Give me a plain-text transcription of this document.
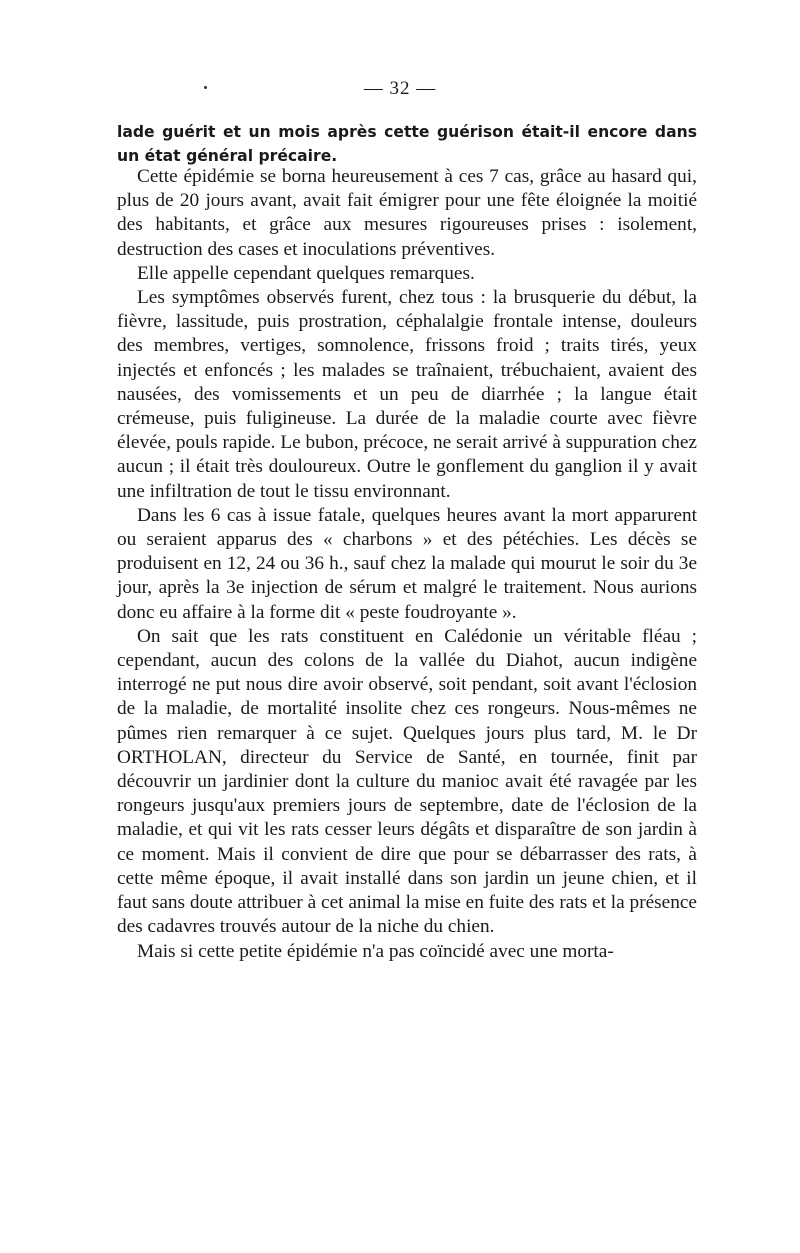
— 32 —

lade guérit et un mois après cette guérison était-il encore dans un état général précaire.

Cette épidémie se borna heureusement à ces 7 cas, grâce au hasard qui, plus de 20 jours avant, avait fait émigrer pour une fête éloignée la moitié des habitants, et grâce aux mesures rigoureuses prises : isolement, destruction des cases et inoculations préventives.

Elle appelle cependant quelques remarques.

Les symptômes observés furent, chez tous : la brusquerie du début, la fièvre, lassitude, puis prostration, céphalalgie frontale intense, douleurs des membres, vertiges, somnolence, frissons froid ; traits tirés, yeux injectés et enfoncés ; les malades se traînaient, trébuchaient, avaient des nausées, des vomissements et un peu de diarrhée ; la langue était crémeuse, puis fuligineuse. La durée de la maladie courte avec fièvre élevée, pouls rapide. Le bubon, précoce, ne serait arrivé à suppuration chez aucun ; il était très douloureux. Outre le gonflement du ganglion il y avait une infiltration de tout le tissu environnant.

Dans les 6 cas à issue fatale, quelques heures avant la mort apparurent ou seraient apparus des « charbons » et des pétéchies. Les décès se produisent en 12, 24 ou 36 h., sauf chez la malade qui mourut le soir du 3e jour, après la 3e injection de sérum et malgré le traitement. Nous aurions donc eu affaire à la forme dit « peste foudroyante ».

On sait que les rats constituent en Calédonie un véritable fléau ; cependant, aucun des colons de la vallée du Diahot, aucun indigène interrogé ne put nous dire avoir observé, soit pendant, soit avant l'éclosion de la maladie, de mortalité insolite chez ces rongeurs. Nous-mêmes ne pûmes rien remarquer à ce sujet. Quelques jours plus tard, M. le Dr ORTHOLAN, directeur du Service de Santé, en tournée, finit par découvrir un jardinier dont la culture du manioc avait été ravagée par les rongeurs jusqu'aux premiers jours de septembre, date de l'éclosion de la maladie, et qui vit les rats cesser leurs dégâts et disparaître de son jardin à ce moment. Mais il convient de dire que pour se débarrasser des rats, à cette même époque, il avait installé dans son jardin un jeune chien, et il faut sans doute attribuer à cet animal la mise en fuite des rats et la présence des cadavres trouvés autour de la niche du chien.

Mais si cette petite épidémie n'a pas coïncidé avec une morta-
